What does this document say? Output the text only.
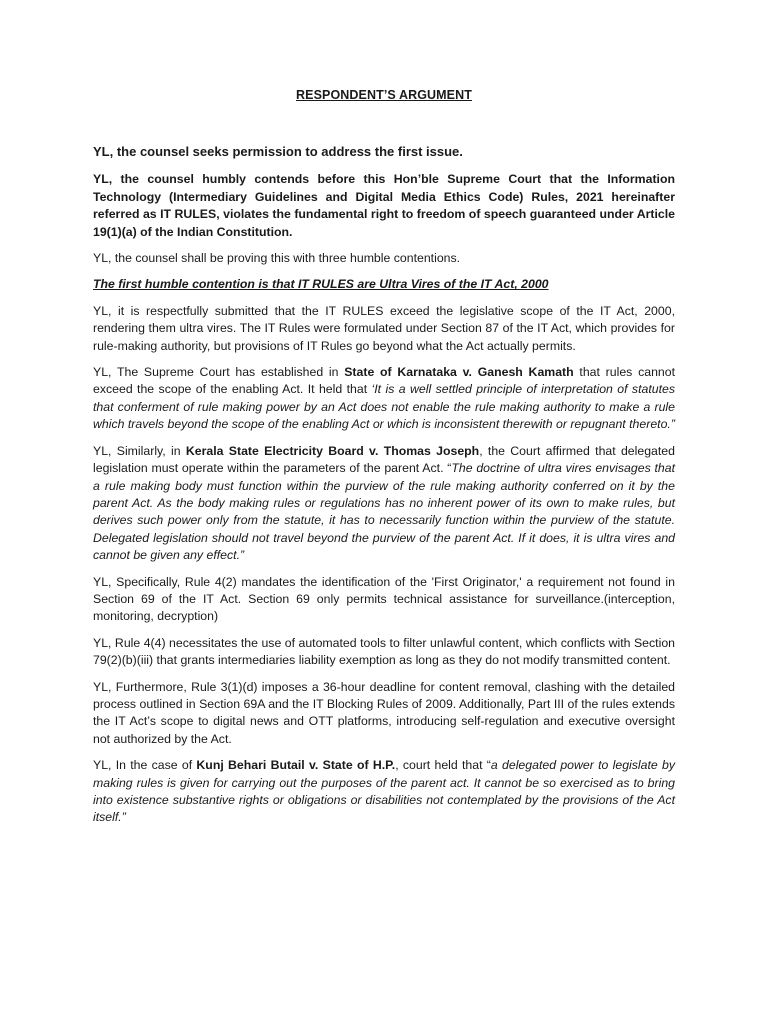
RESPONDENT’S ARGUMENT

YL, the counsel seeks permission to address the first issue.

YL, the counsel humbly contends before this Hon’ble Supreme Court that the Information Technology (Intermediary Guidelines and Digital Media Ethics Code) Rules, 2021 hereinafter referred as IT RULES, violates the fundamental right to freedom of speech guaranteed under Article 19(1)(a) of the Indian Constitution.

YL, the counsel shall be proving this with three humble contentions.

The first humble contention is that IT RULES are Ultra Vires of the IT Act, 2000

YL, it is respectfully submitted that the IT RULES exceed the legislative scope of the IT Act, 2000, rendering them ultra vires. The IT Rules were formulated under Section 87 of the IT Act, which provides for rule-making authority, but provisions of IT Rules go beyond what the Act actually permits.

YL, The Supreme Court has established in State of Karnataka v. Ganesh Kamath that rules cannot exceed the scope of the enabling Act. It held that ‘It is a well settled principle of interpretation of statutes that conferment of rule making power by an Act does not enable the rule making authority to make a rule which travels beyond the scope of the enabling Act or which is inconsistent therewith or repugnant thereto.”

YL, Similarly, in Kerala State Electricity Board v. Thomas Joseph, the Court affirmed that delegated legislation must operate within the parameters of the parent Act. “The doctrine of ultra vires envisages that a rule making body must function within the purview of the rule making authority conferred on it by the parent Act. As the body making rules or regulations has no inherent power of its own to make rules, but derives such power only from the statute, it has to necessarily function within the purview of the statute. Delegated legislation should not travel beyond the purview of the parent Act. If it does, it is ultra vires and cannot be given any effect.”

YL, Specifically, Rule 4(2) mandates the identification of the 'First Originator,' a requirement not found in Section 69 of the IT Act. Section 69 only permits technical assistance for surveillance.(interception, monitoring, decryption)

YL, Rule 4(4) necessitates the use of automated tools to filter unlawful content, which conflicts with Section 79(2)(b)(iii) that grants intermediaries liability exemption as long as they do not modify transmitted content.

YL, Furthermore, Rule 3(1)(d) imposes a 36-hour deadline for content removal, clashing with the detailed process outlined in Section 69A and the IT Blocking Rules of 2009. Additionally, Part III of the rules extends the IT Act’s scope to digital news and OTT platforms, introducing self-regulation and executive oversight not authorized by the Act.

YL, In the case of Kunj Behari Butail v. State of H.P., court held that “a delegated power to legislate by making rules is given for carrying out the purposes of the parent act. It cannot be so exercised as to bring into existence substantive rights or obligations or disabilities not contemplated by the provisions of the Act itself.”
